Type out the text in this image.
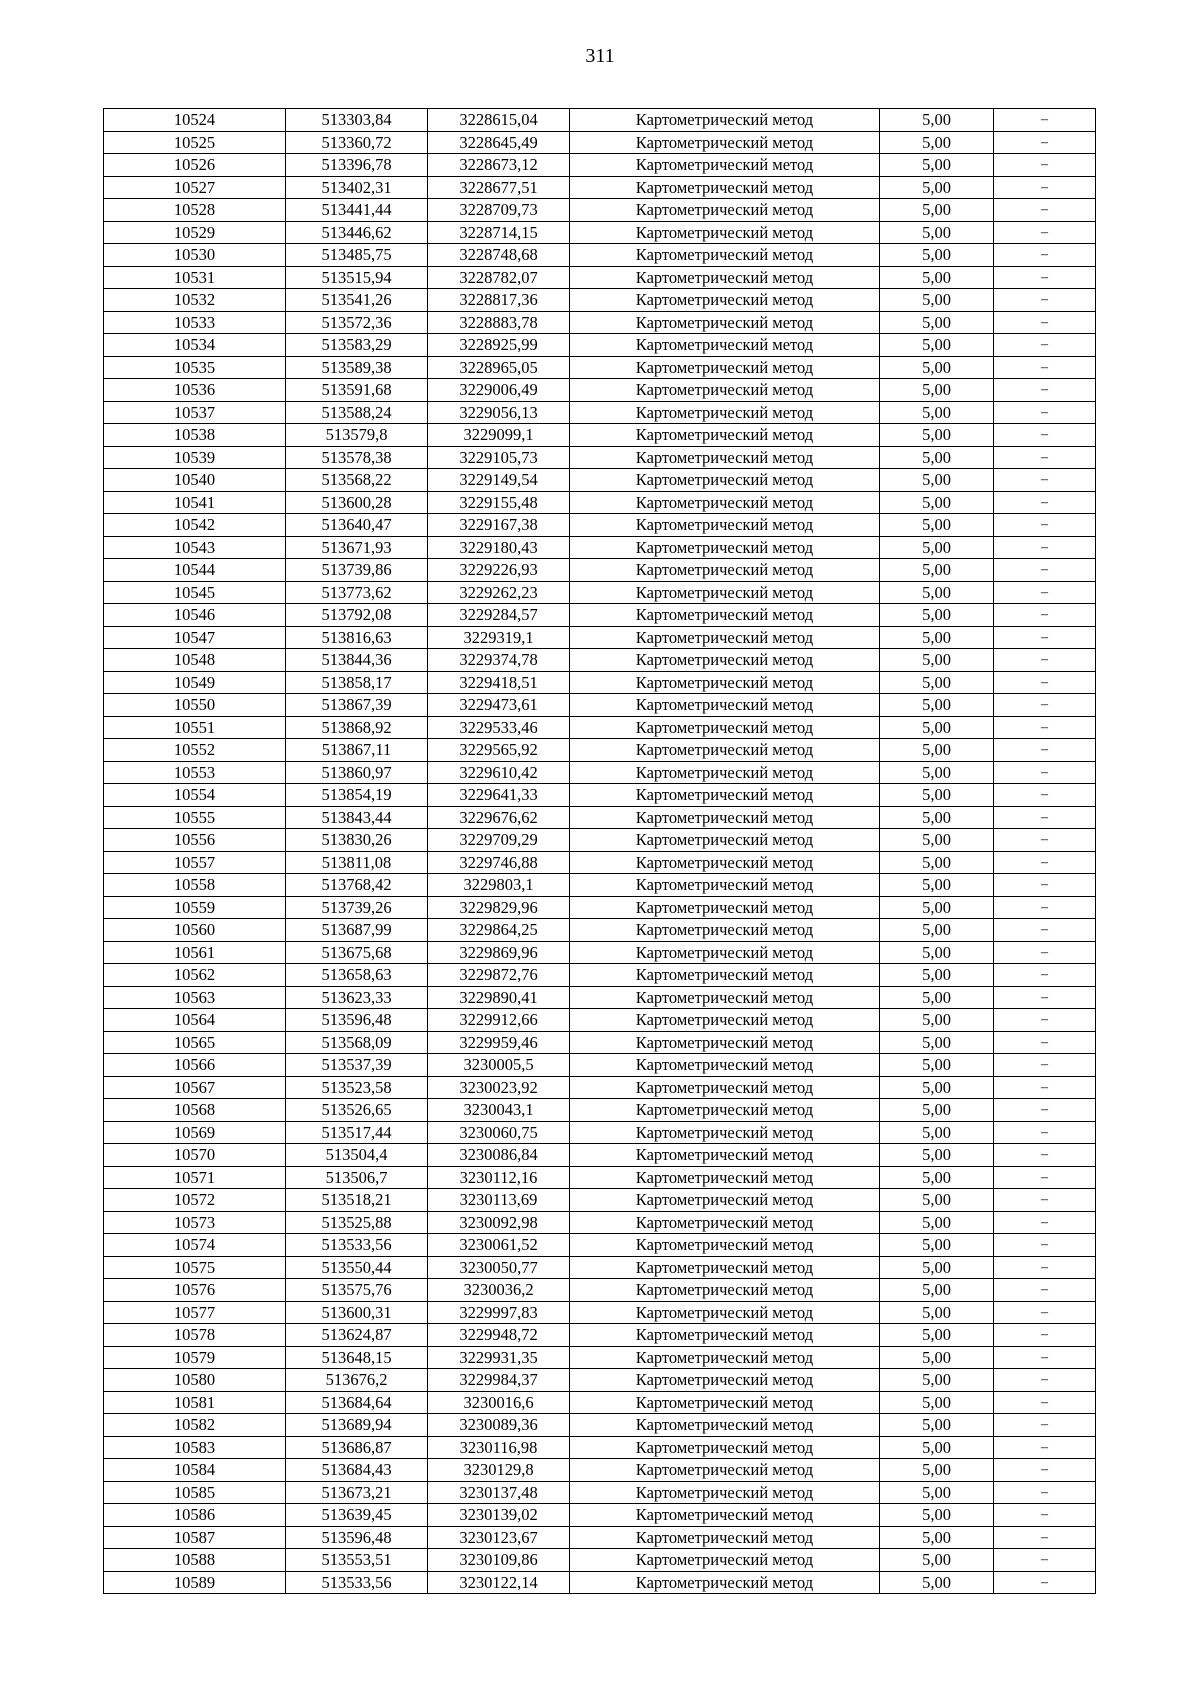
311
10524	513303,84	3228615,04	Картометрический метод	5,00	–
10525	513360,72	3228645,49	Картометрический метод	5,00	–
10526	513396,78	3228673,12	Картометрический метод	5,00	–
10527	513402,31	3228677,51	Картометрический метод	5,00	–
10528	513441,44	3228709,73	Картометрический метод	5,00	–
10529	513446,62	3228714,15	Картометрический метод	5,00	–
10530	513485,75	3228748,68	Картометрический метод	5,00	–
10531	513515,94	3228782,07	Картометрический метод	5,00	–
10532	513541,26	3228817,36	Картометрический метод	5,00	–
10533	513572,36	3228883,78	Картометрический метод	5,00	–
10534	513583,29	3228925,99	Картометрический метод	5,00	–
10535	513589,38	3228965,05	Картометрический метод	5,00	–
10536	513591,68	3229006,49	Картометрический метод	5,00	–
10537	513588,24	3229056,13	Картометрический метод	5,00	–
10538	513579,8	3229099,1	Картометрический метод	5,00	–
10539	513578,38	3229105,73	Картометрический метод	5,00	–
10540	513568,22	3229149,54	Картометрический метод	5,00	–
10541	513600,28	3229155,48	Картометрический метод	5,00	–
10542	513640,47	3229167,38	Картометрический метод	5,00	–
10543	513671,93	3229180,43	Картометрический метод	5,00	–
10544	513739,86	3229226,93	Картометрический метод	5,00	–
10545	513773,62	3229262,23	Картометрический метод	5,00	–
10546	513792,08	3229284,57	Картометрический метод	5,00	–
10547	513816,63	3229319,1	Картометрический метод	5,00	–
10548	513844,36	3229374,78	Картометрический метод	5,00	–
10549	513858,17	3229418,51	Картометрический метод	5,00	–
10550	513867,39	3229473,61	Картометрический метод	5,00	–
10551	513868,92	3229533,46	Картометрический метод	5,00	–
10552	513867,11	3229565,92	Картометрический метод	5,00	–
10553	513860,97	3229610,42	Картометрический метод	5,00	–
10554	513854,19	3229641,33	Картометрический метод	5,00	–
10555	513843,44	3229676,62	Картометрический метод	5,00	–
10556	513830,26	3229709,29	Картометрический метод	5,00	–
10557	513811,08	3229746,88	Картометрический метод	5,00	–
10558	513768,42	3229803,1	Картометрический метод	5,00	–
10559	513739,26	3229829,96	Картометрический метод	5,00	–
10560	513687,99	3229864,25	Картометрический метод	5,00	–
10561	513675,68	3229869,96	Картометрический метод	5,00	–
10562	513658,63	3229872,76	Картометрический метод	5,00	–
10563	513623,33	3229890,41	Картометрический метод	5,00	–
10564	513596,48	3229912,66	Картометрический метод	5,00	–
10565	513568,09	3229959,46	Картометрический метод	5,00	–
10566	513537,39	3230005,5	Картометрический метод	5,00	–
10567	513523,58	3230023,92	Картометрический метод	5,00	–
10568	513526,65	3230043,1	Картометрический метод	5,00	–
10569	513517,44	3230060,75	Картометрический метод	5,00	–
10570	513504,4	3230086,84	Картометрический метод	5,00	–
10571	513506,7	3230112,16	Картометрический метод	5,00	–
10572	513518,21	3230113,69	Картометрический метод	5,00	–
10573	513525,88	3230092,98	Картометрический метод	5,00	–
10574	513533,56	3230061,52	Картометрический метод	5,00	–
10575	513550,44	3230050,77	Картометрический метод	5,00	–
10576	513575,76	3230036,2	Картометрический метод	5,00	–
10577	513600,31	3229997,83	Картометрический метод	5,00	–
10578	513624,87	3229948,72	Картометрический метод	5,00	–
10579	513648,15	3229931,35	Картометрический метод	5,00	–
10580	513676,2	3229984,37	Картометрический метод	5,00	–
10581	513684,64	3230016,6	Картометрический метод	5,00	–
10582	513689,94	3230089,36	Картометрический метод	5,00	–
10583	513686,87	3230116,98	Картометрический метод	5,00	–
10584	513684,43	3230129,8	Картометрический метод	5,00	–
10585	513673,21	3230137,48	Картометрический метод	5,00	–
10586	513639,45	3230139,02	Картометрический метод	5,00	–
10587	513596,48	3230123,67	Картометрический метод	5,00	–
10588	513553,51	3230109,86	Картометрический метод	5,00	–
10589	513533,56	3230122,14	Картометрический метод	5,00	–
